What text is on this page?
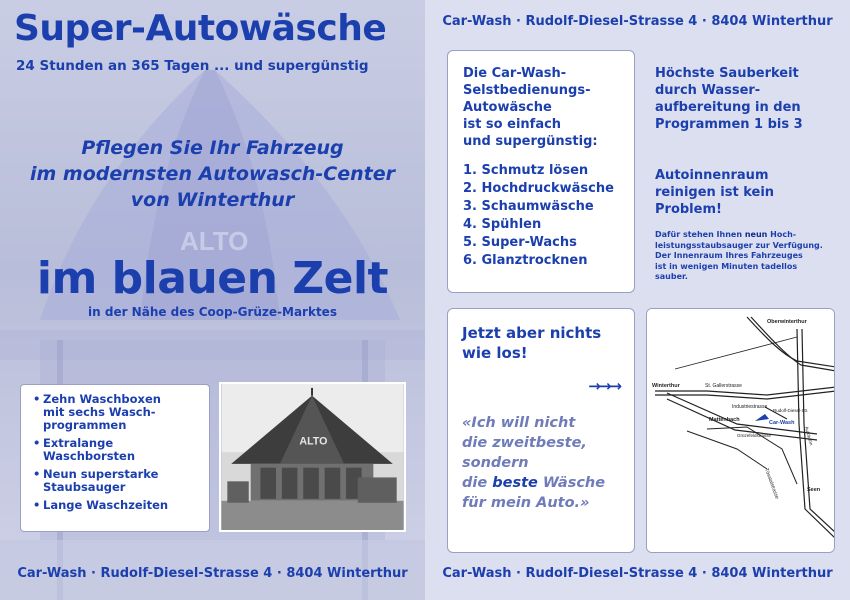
ALTO
Super-Autowäsche
24 Stunden an 365 Tagen ... und supergünstig
Pflegen Sie Ihr Fahrzeug
im modernsten Autowasch-Center
von Winterthur
im blauen Zelt
in der Nähe des Coop-Grüze-Marktes
• Zehn Waschboxen
mit sechs Wasch-
programmen
• Extralange Waschborsten
• Neun superstarke
Staubsauger
• Lange Waschzeiten
ALTO
Car-Wash · Rudolf-Diesel-Strasse 4 · 8404 Winterthur
Car-Wash · Rudolf-Diesel-Strasse 4 · 8404 Winterthur
Die Car-Wash-
Selstbedienungs-
Autowäsche
ist so einfach
und supergünstig:
1. Schmutz lösen
2. Hochdruckwäsche
3. Schaumwäsche
4. Spühlen
5. Super-Wachs
6. Glanztrocknen
Höchste Sauberkeit
durch Wasser-
aufbereitung in den
Programmen 1 bis 3
Autoinnenraum
reinigen ist kein
Problem!
Dafür stehen Ihnen neun Hoch-
leistungsstaubsauger zur Verfügung.
Der Innenraum Ihres Fahrzeuges
ist in wenigen Minuten tadellos
sauber.
Jetzt aber nichts
wie los!
→→→
«Ich will nicht
die zweitbeste,
sondern
die beste Wäsche
für mein Auto.»
Oberwinterthur
Winterthur	St. Gallerstrasse
Industriestrasse
Mattenbach
Rudolf-Diesel-Str.
Grüzefeldstrasse
Car-Wash
Tösstalstrasse	Seen
Autobahn
Car-Wash · Rudolf-Diesel-Strasse 4 · 8404 Winterthur
